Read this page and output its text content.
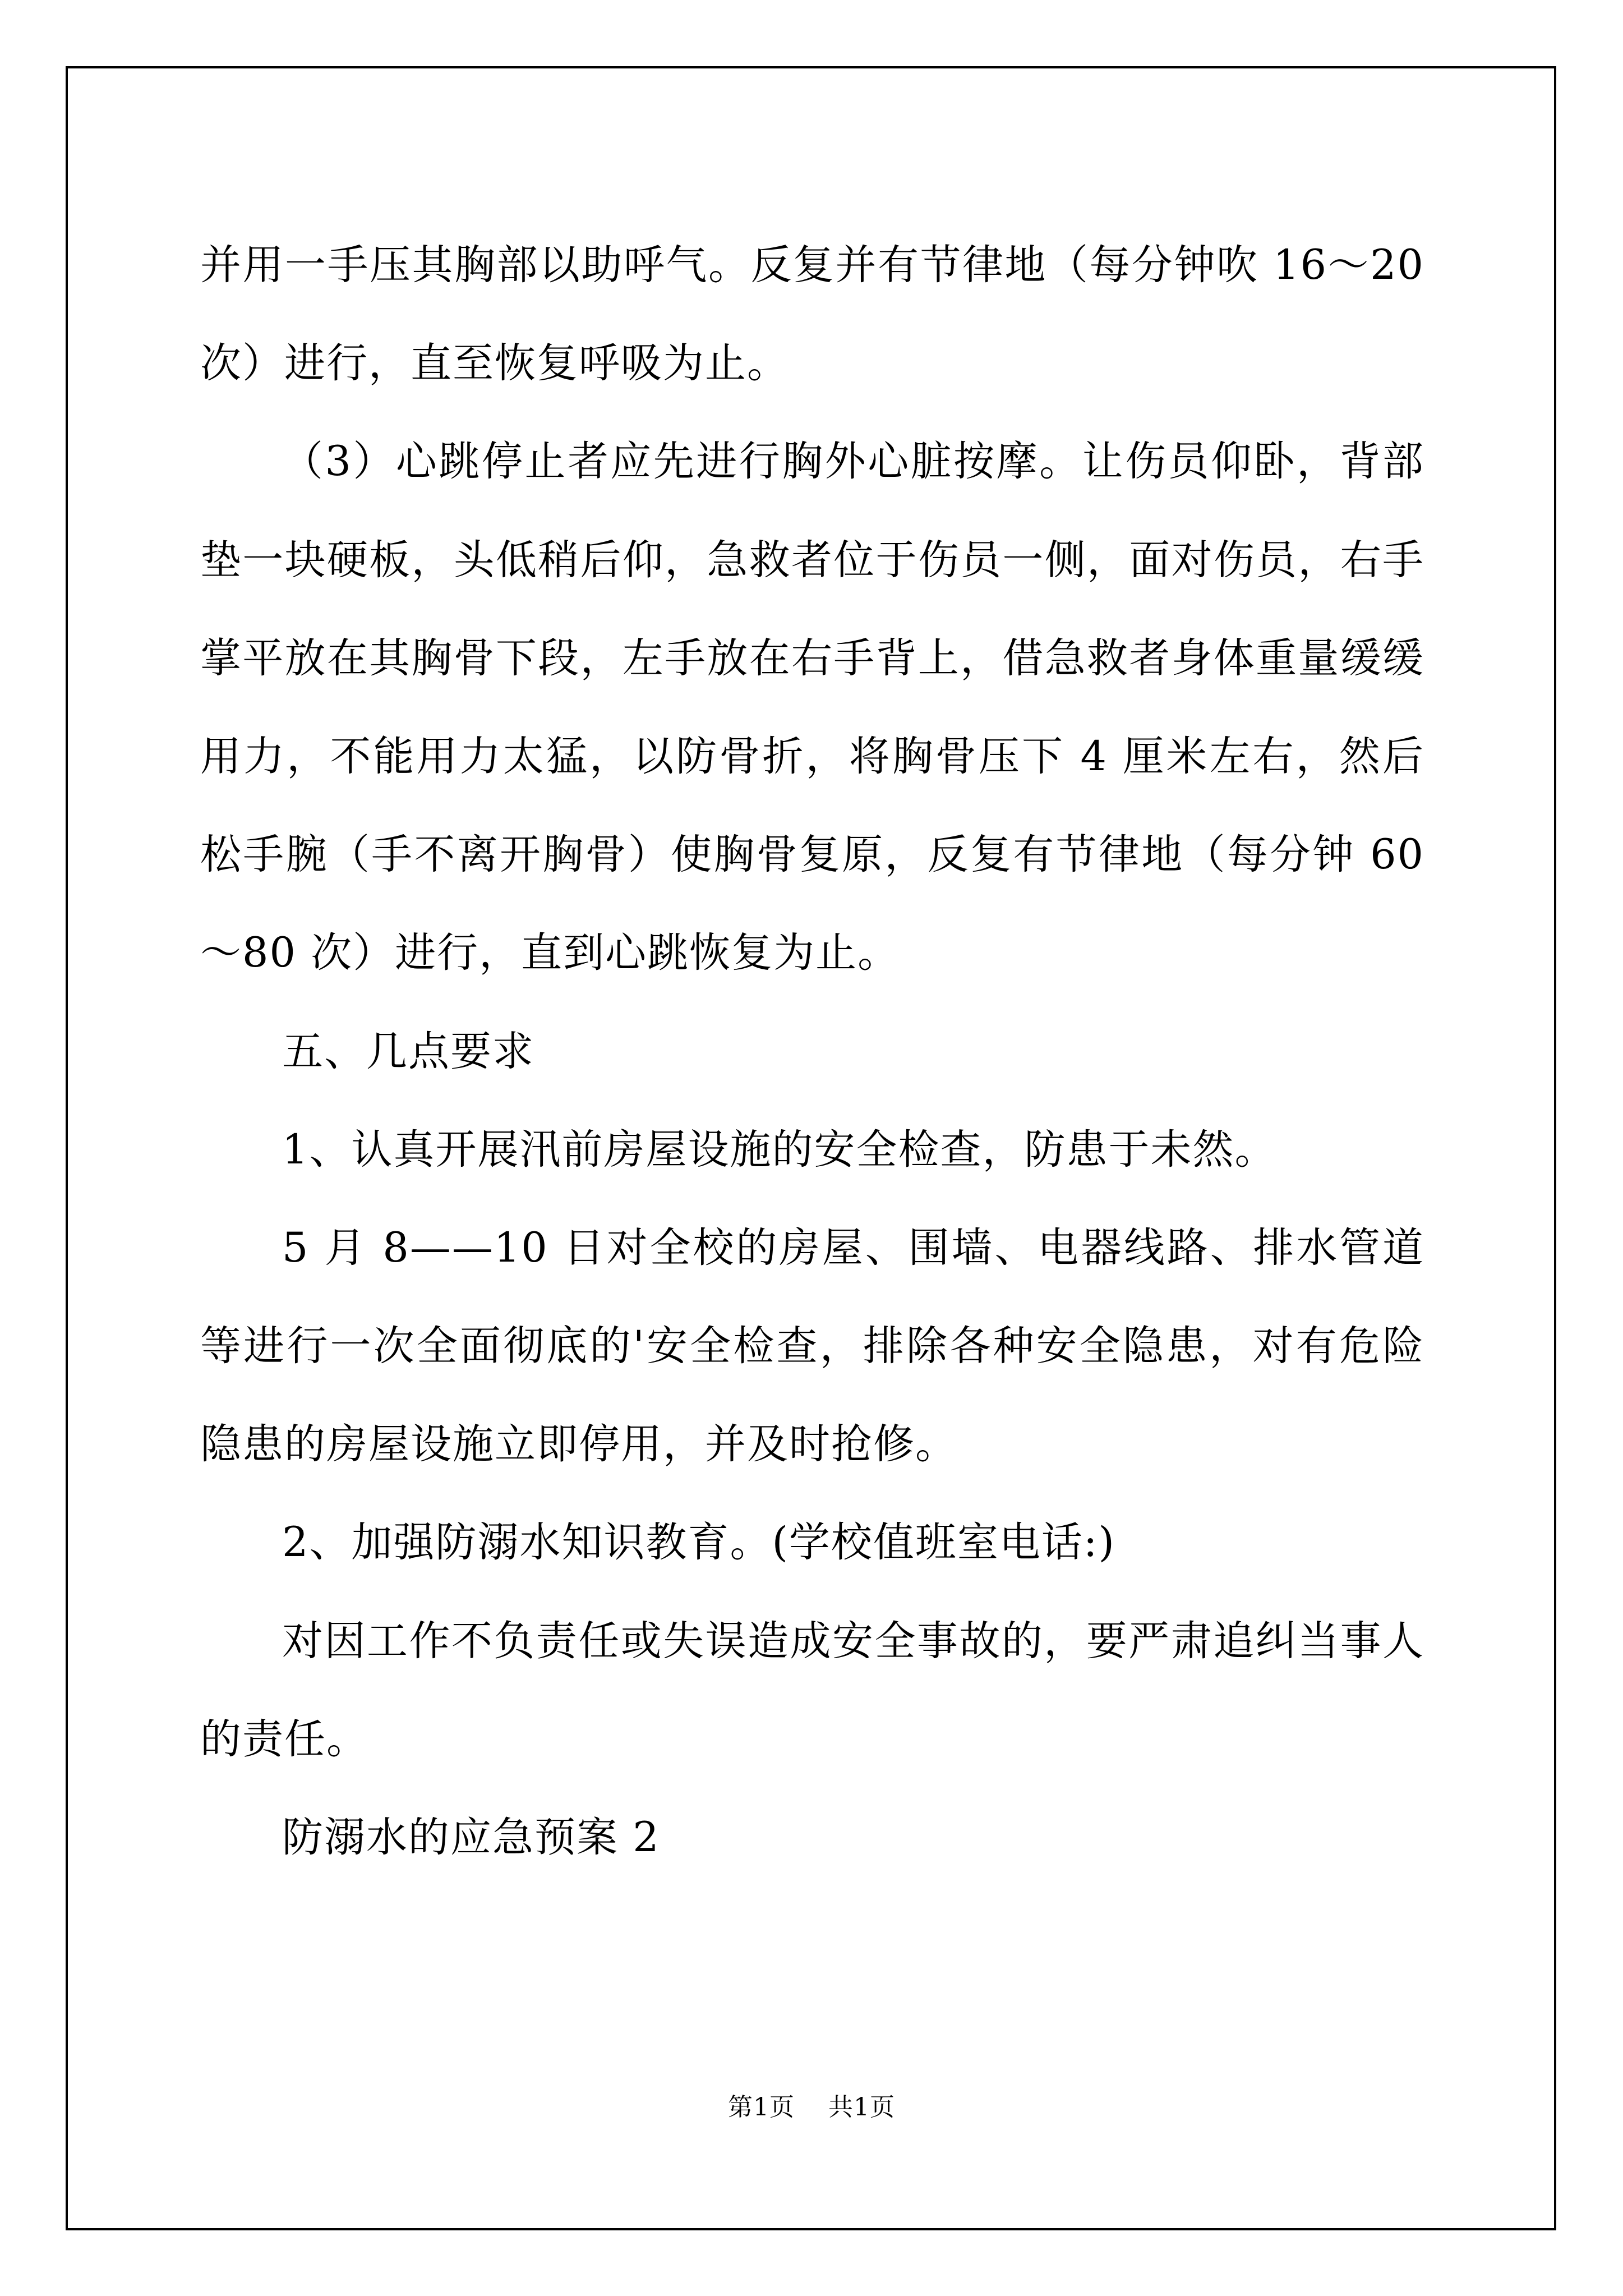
并用一手压其胸部以助呼气。反复并有节律地（每分钟吹 16～20 次）进行，直至恢复呼吸为止。

（3）心跳停止者应先进行胸外心脏按摩。让伤员仰卧，背部垫一块硬板，头低稍后仰，急救者位于伤员一侧，面对伤员，右手掌平放在其胸骨下段，左手放在右手背上，借急救者身体重量缓缓用力，不能用力太猛，以防骨折，将胸骨压下 4 厘米左右，然后松手腕（手不离开胸骨）使胸骨复原，反复有节律地（每分钟 60～80 次）进行，直到心跳恢复为止。

五、几点要求

1、认真开展汛前房屋设施的安全检查，防患于未然。

5 月 8——10 日对全校的房屋、围墙、电器线路、排水管道等进行一次全面彻底的'安全检查，排除各种安全隐患，对有危险隐患的房屋设施立即停用，并及时抢修。

2、加强防溺水知识教育。(学校值班室电话:)

对因工作不负责任或失误造成安全事故的，要严肃追纠当事人的责任。

防溺水的应急预案 2

第1页 共1页
